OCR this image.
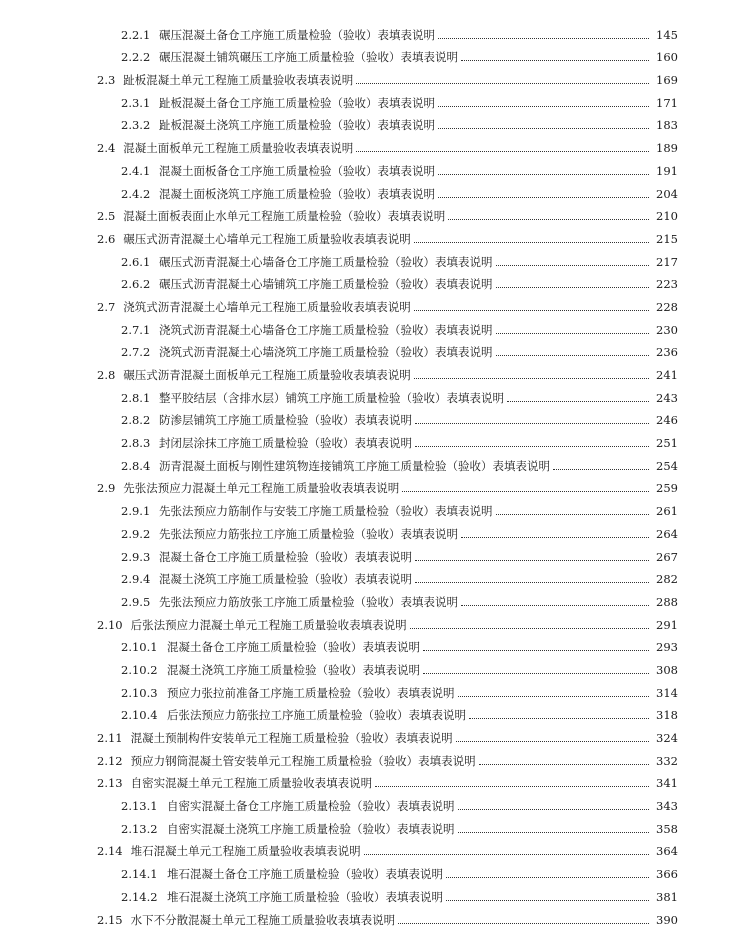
2.2.1 碾压混凝土备仓工序施工质量检验（验收）表填表说明	145
2.2.2 碾压混凝土铺筑碾压工序施工质量检验（验收）表填表说明	160
2.3 趾板混凝土单元工程施工质量验收表填表说明	169
2.3.1 趾板混凝土备仓工序施工质量检验（验收）表填表说明	171
2.3.2 趾板混凝土浇筑工序施工质量检验（验收）表填表说明	183
2.4 混凝土面板单元工程施工质量验收表填表说明	189
2.4.1 混凝土面板备仓工序施工质量检验（验收）表填表说明	191
2.4.2 混凝土面板浇筑工序施工质量检验（验收）表填表说明	204
2.5 混凝土面板表面止水单元工程施工质量检验（验收）表填表说明	210
2.6 碾压式沥青混凝土心墙单元工程施工质量验收表填表说明	215
2.6.1 碾压式沥青混凝土心墙备仓工序施工质量检验（验收）表填表说明	217
2.6.2 碾压式沥青混凝土心墙铺筑工序施工质量检验（验收）表填表说明	223
2.7 浇筑式沥青混凝土心墙单元工程施工质量验收表填表说明	228
2.7.1 浇筑式沥青混凝土心墙备仓工序施工质量检验（验收）表填表说明	230
2.7.2 浇筑式沥青混凝土心墙浇筑工序施工质量检验（验收）表填表说明	236
2.8 碾压式沥青混凝土面板单元工程施工质量验收表填表说明	241
2.8.1 整平胶结层（含排水层）铺筑工序施工质量检验（验收）表填表说明	243
2.8.2 防渗层铺筑工序施工质量检验（验收）表填表说明	246
2.8.3 封闭层涂抹工序施工质量检验（验收）表填表说明	251
2.8.4 沥青混凝土面板与刚性建筑物连接铺筑工序施工质量检验（验收）表填表说明	254
2.9 先张法预应力混凝土单元工程施工质量验收表填表说明	259
2.9.1 先张法预应力筋制作与安装工序施工质量检验（验收）表填表说明	261
2.9.2 先张法预应力筋张拉工序施工质量检验（验收）表填表说明	264
2.9.3 混凝土备仓工序施工质量检验（验收）表填表说明	267
2.9.4 混凝土浇筑工序施工质量检验（验收）表填表说明	282
2.9.5 先张法预应力筋放张工序施工质量检验（验收）表填表说明	288
2.10 后张法预应力混凝土单元工程施工质量验收表填表说明	291
2.10.1 混凝土备仓工序施工质量检验（验收）表填表说明	293
2.10.2 混凝土浇筑工序施工质量检验（验收）表填表说明	308
2.10.3 预应力张拉前准备工序施工质量检验（验收）表填表说明	314
2.10.4 后张法预应力筋张拉工序施工质量检验（验收）表填表说明	318
2.11 混凝土预制构件安装单元工程施工质量检验（验收）表填表说明	324
2.12 预应力钢筒混凝土管安装单元工程施工质量检验（验收）表填表说明	332
2.13 自密实混凝土单元工程施工质量验收表填表说明	341
2.13.1 自密实混凝土备仓工序施工质量检验（验收）表填表说明	343
2.13.2 自密实混凝土浇筑工序施工质量检验（验收）表填表说明	358
2.14 堆石混凝土单元工程施工质量验收表填表说明	364
2.14.1 堆石混凝土备仓工序施工质量检验（验收）表填表说明	366
2.14.2 堆石混凝土浇筑工序施工质量检验（验收）表填表说明	381
2.15 水下不分散混凝土单元工程施工质量验收表填表说明	390
